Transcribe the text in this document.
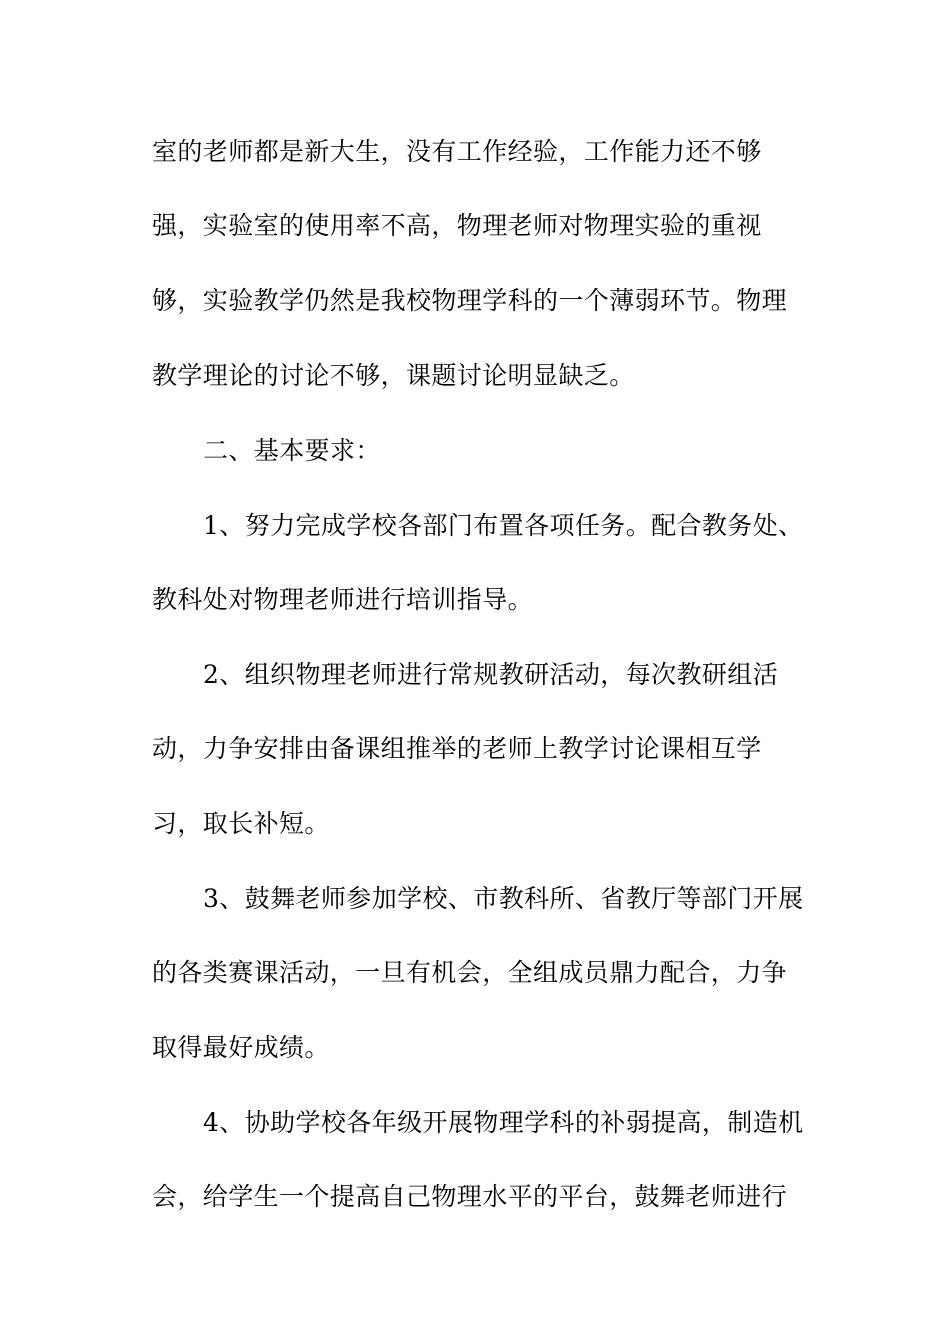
室的老师都是新大生，没有工作经验，工作能力还不够
强，实验室的使用率不高，物理老师对物理实验的重视
够，实验教学仍然是我校物理学科的一个薄弱环节。物理
教学理论的讨论不够，课题讨论明显缺乏。
二、基本要求：
1、努力完成学校各部门布置各项任务。配合教务处、
教科处对物理老师进行培训指导。
2、组织物理老师进行常规教研活动，每次教研组活
动，力争安排由备课组推举的老师上教学讨论课相互学
习，取长补短。
3、鼓舞老师参加学校、市教科所、省教厅等部门开展
的各类赛课活动，一旦有机会，全组成员鼎力配合，力争
取得最好成绩。
4、协助学校各年级开展物理学科的补弱提高，制造机
会，给学生一个提高自己物理水平的平台，鼓舞老师进行
